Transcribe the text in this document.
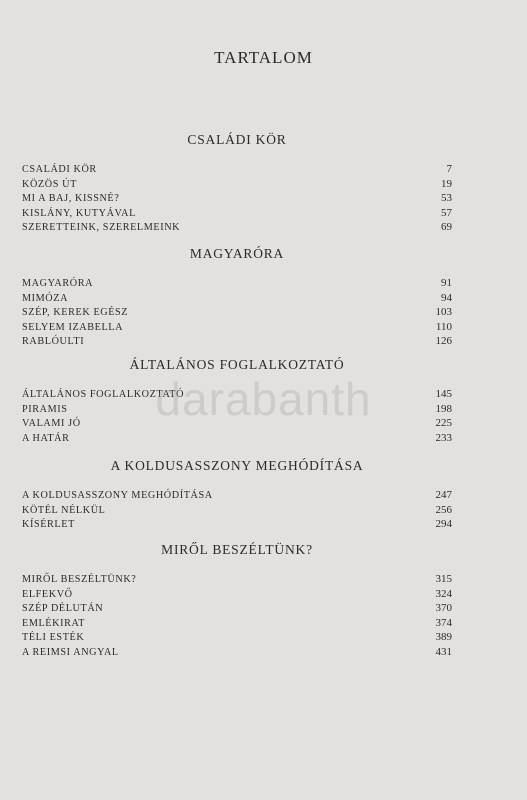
TARTALOM
CSALÁDI KÖR
CSALÁDI KÖR	7
KÖZÖS ÚT	19
MI A BAJ, KISSNÉ?	53
KISLÁNY, KUTYÁVAL	57
SZERETTEINK, SZERELMEINK	69
MAGYARÓRA
MAGYARÓRA	91
MIMÓZA	94
SZÉP, KEREK EGÉSZ	103
SELYEM IZABELLA	110
RABLÓULTI	126
ÁLTALÁNOS FOGLALKOZTATÓ
ÁLTALÁNOS FOGLALKOZTATÓ	145
PIRAMIS	198
VALAMI JÓ	225
A HATÁR	233
A KOLDUSASSZONY MEGHÓDÍTÁSA
A KOLDUSASSZONY MEGHÓDÍTÁSA	247
KÖTÉL NÉLKÜL	256
KÍSÉRLET	294
MIRŐL BESZÉLTÜNK?
MIRŐL BESZÉLTÜNK?	315
ELFEKVŐ	324
SZÉP DÉLUTÁN	370
EMLÉKIRAT	374
TÉLI ESTÉK	389
A REIMSI ANGYAL	431
darabanth
